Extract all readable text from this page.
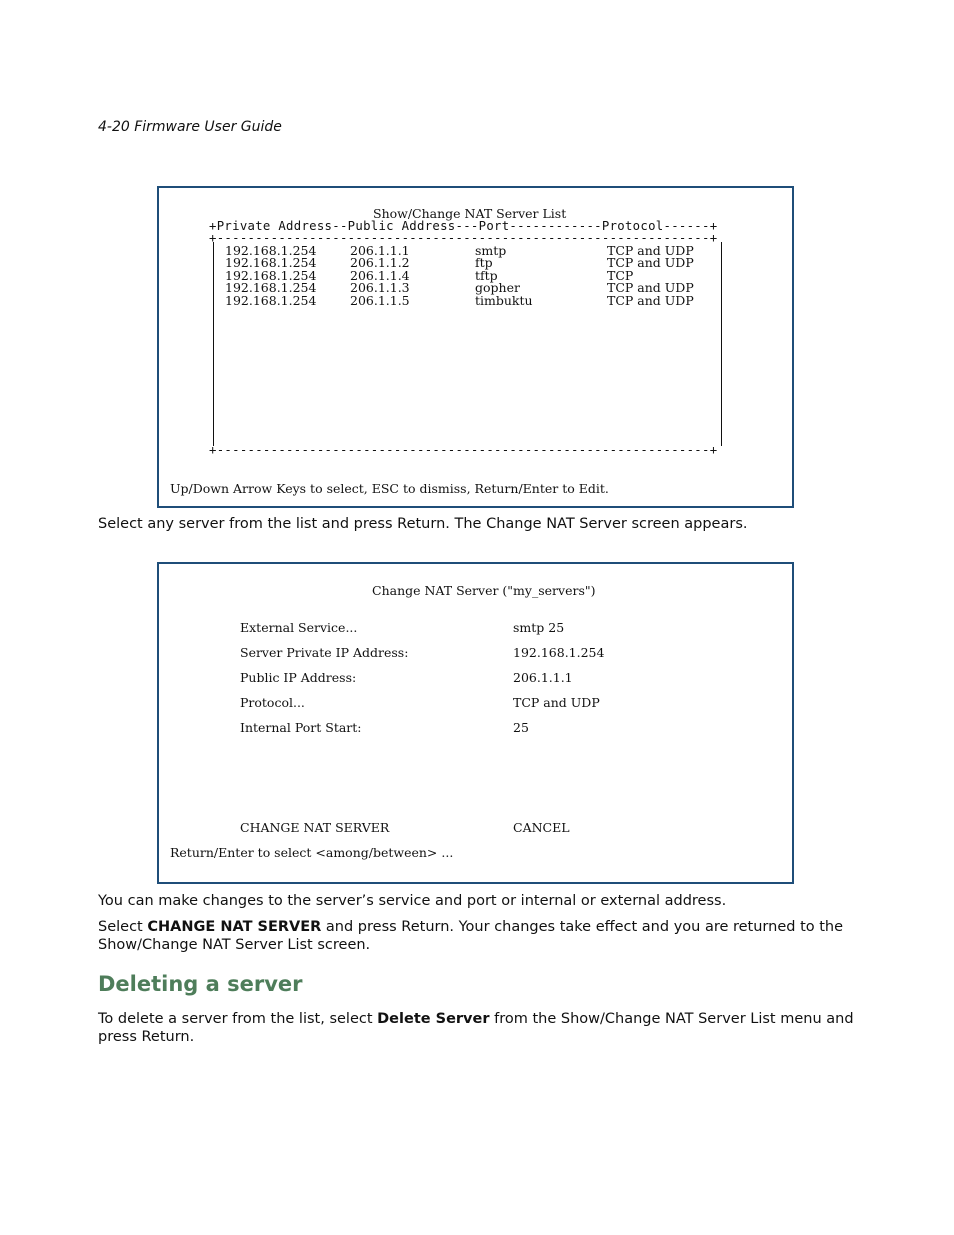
4-20 Firmware User Guide
Show/Change NAT Server List
+Private Address--Public Address---Port------------Protocol------+
+----------------------------------------------------------------+
192.168.1.254	206.1.1.1	smtp	TCP and UDP
192.168.1.254	206.1.1.2	ftp	TCP and UDP
192.168.1.254	206.1.1.4	tftp	TCP
192.168.1.254	206.1.1.3	gopher	TCP and UDP
192.168.1.254	206.1.1.5	timbuktu	TCP and UDP
+----------------------------------------------------------------+
Up/Down Arrow Keys to select, ESC to dismiss, Return/Enter to Edit.
Select any server from the list and press Return. The Change NAT Server screen appears.
Change NAT Server ("my_servers")
External Service...	smtp 25
Server Private IP Address:	192.168.1.254
Public IP Address:	206.1.1.1
Protocol...	TCP and UDP
Internal Port Start:	25
CHANGE NAT SERVER	CANCEL
Return/Enter to select <among/between> ...
You can make changes to the server’s service and port or internal or external address.
Select CHANGE NAT SERVER and press Return. Your changes take effect and you are returned to the Show/Change NAT Server List screen.
Deleting a server
To delete a server from the list, select Delete Server from the Show/Change NAT Server List menu and press Return.
